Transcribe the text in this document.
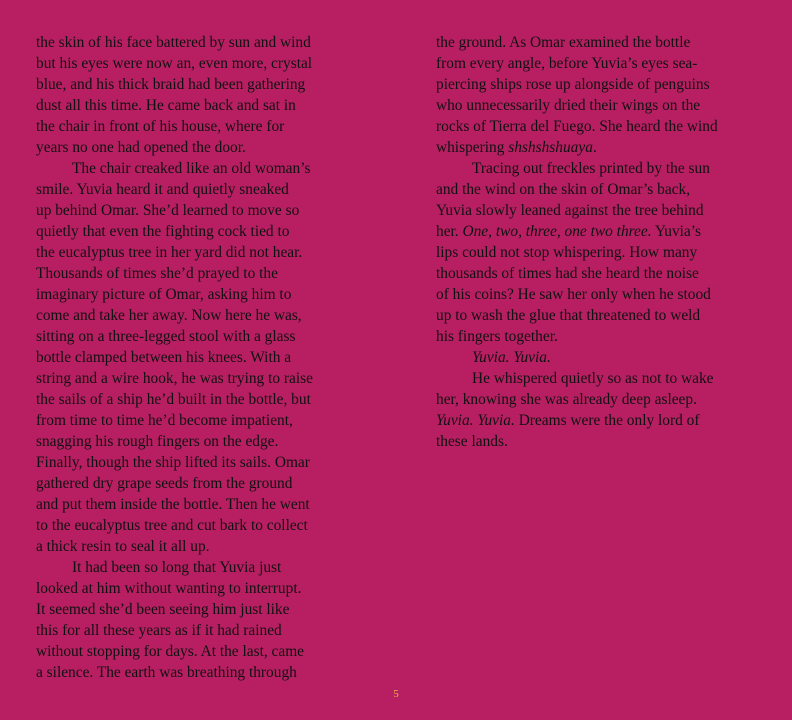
the skin of his face battered by sun and wind
but his eyes were now an, even more, crystal
blue, and his thick braid had been gathering
dust all this time. He came back and sat in
the chair in front of his house, where for
years no one had opened the door.
The chair creaked like an old woman’s
smile. Yuvia heard it and quietly sneaked
up behind Omar. She’d learned to move so
quietly that even the fighting cock tied to
the eucalyptus tree in her yard did not hear.
Thousands of times she’d prayed to the
imaginary picture of Omar, asking him to
come and take her away. Now here he was,
sitting on a three-legged stool with a glass
bottle clamped between his knees. With a
string and a wire hook, he was trying to raise
the sails of a ship he’d built in the bottle, but
from time to time he’d become impatient,
snagging his rough fingers on the edge.
Finally, though the ship lifted its sails. Omar
gathered dry grape seeds from the ground
and put them inside the bottle. Then he went
to the eucalyptus tree and cut bark to collect
a thick resin to seal it all up.
It had been so long that Yuvia just
looked at him without wanting to interrupt.
It seemed she’d been seeing him just like
this for all these years as if it had rained
without stopping for days. At the last, came
a silence. The earth was breathing through
the ground. As Omar examined the bottle
from every angle, before Yuvia’s eyes sea-
piercing ships rose up alongside of penguins
who unnecessarily dried their wings on the
rocks of Tierra del Fuego. She heard the wind
whispering shshshshuaya.
Tracing out freckles printed by the sun
and the wind on the skin of Omar’s back,
Yuvia slowly leaned against the tree behind
her. One, two, three, one two three. Yuvia’s
lips could not stop whispering. How many
thousands of times had she heard the noise
of his coins? He saw her only when he stood
up to wash the glue that threatened to weld
his fingers together.
Yuvia. Yuvia.
He whispered quietly so as not to wake
her, knowing she was already deep asleep.
Yuvia. Yuvia. Dreams were the only lord of
these lands.
5
